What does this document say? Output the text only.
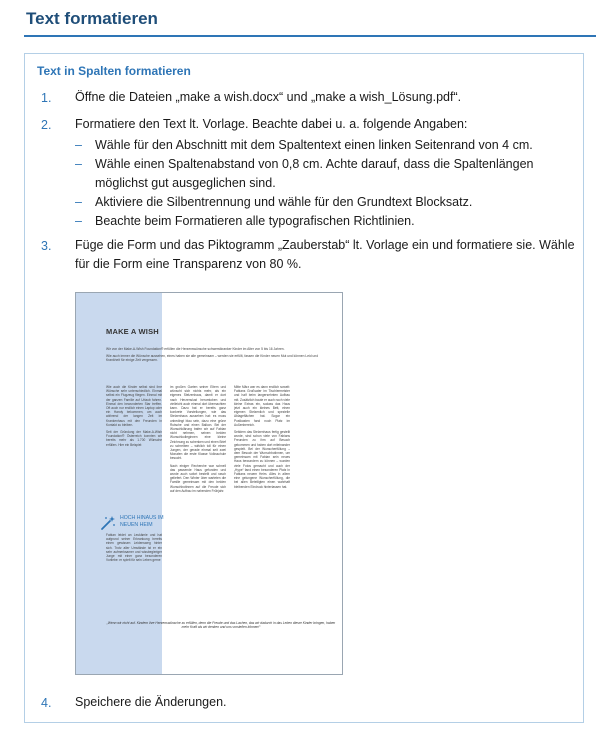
Text formatieren
Text in Spalten formatieren
1. Öffne die Dateien „make a wish.docx“ und „make a wish_Lösung.pdf“.
2. Formatiere den Text lt. Vorlage. Beachte dabei u. a. folgende Angaben:
– Wähle für den Abschnitt mit dem Spaltentext einen linken Seitenrand von 4 cm.
– Wähle einen Spaltenabstand von 0,8 cm. Achte darauf, dass die Spaltenlängen möglichst gut ausgeglichen sind.
– Aktiviere die Silbentrennung und wähle für den Grundtext Blocksatz.
– Beachte beim Formatieren alle typografischen Richtlinien.
3. Füge die Form und das Piktogramm „Zauberstab“ lt. Vorlage ein und formatiere sie. Wähle für die Form eine Transparenz von 80 %.
MAKE A WISH
Wir von der Make-A-Wish Foundation® erfüllen die Herzenswünsche schwerstkranker Kinder im Alter von 5 bis 16 Jahren.
Wie auch immer die Wünsche aussehen, eines haben sie alle gemeinsam – werden sie erfüllt, fassen die Kinder neuen Mut und können Leid und Krankheit für einige Zeit vergessen.

Wie auch die Kinder selbst sind ihre Wünsche sehr unterschiedlich. Einmal selbst ein Flugzeug fliegen. Einmal mit der ganzen Familie auf Urlaub fahren. Einmal den bewunderten Star treffen. Oft auch nur endlich einen Laptop oder ein Handy bekommen, um auch während der langen Zeit im Krankenhaus mit den Freunden in Kontakt zu bleiben.

Seit der Gründung der Make-A-Wish Foundation® Österreich konnten wir bereits mehr als 1.700 Wünsche erfüllen. Hier ein Beispiel:

HOCH HINAUS IM NEUEN HEIM

Fabian leidet an Leukämie und hat aufgrund seiner Erkrankung bereits einen gewissen Leidensweg hinter sich. Trotz aller Umstände ist er ein sehr aufmerksamer und wissbegieriger Junge mit einer ganz besonderen Vorliebe: er spielt für sein Leben gerne

im großen Garten seiner Eltern und wünscht sich nichts mehr, als ein eigenes Stelzenhaus, damit er dort nach Herzenslust herumtoben und vielleicht auch einmal dort übernachten kann. Dazu hat er bereits ganz konkrete Vorstellungen, wie das Stelzenhaus aussehen hat: es muss unbedingt blau sein, dazu eine grüne Rutsche und einen Balkon. Bei der Wunschklärung trafen wir auf Fabian nicht nehmen, seinen beiden Wunschkolleginnen eine kleine Zeichnung zu schenken und einen Brief zu schreiben – wirklich toll für einen Jungen, der gerade einmal seit zwei Monaten die erste Klasse Volksschule besucht.

Nach einiger Recherche war schnell das passende Haus gefunden und wurde auch sofort bestellt und rasch geliefert. Den Winter über warteten die Familie gemeinsam mit den beiden Wunschbotinnen auf die Freude sich auf den Aufbau im nahenden Frühjahr.

Mitte März war es dann endlich soweit: Fabians Großvater im Tischlermeister und half beim langersehnten Aufbau mit. Zusätzlich baute er auch noch viele kleine Extras ein, sodass das Haus jetzt auch ein kleines Bett, einen eigenen Stelzenlich und spezielle Ablageflächen hat. Sogar ein Postkasten fand noch Platz im Außenbereich.

Seitdem das Stelzenhaus fertig gestellt wurde, sind schon viele von Fabians Freunden zu ihm auf Besuch gekommen und haben dort miteinander gespielt. Bei der Wunscherfüllung – dem Besuch der Wunschbotinnen, um gemeinsam mit Fabian sein neues Haus bewundern zu können – wurden viele Fotos gemacht und auch der „Hype“ fand einen besonderen Platz in Fabians neuem Heim. Alles in allem eine gelungene Wunscherfüllung, die bei allen Beteiligten einen wahrhaft bleibenden Eindruck hinterlassen hat.

„Wenn wir nicht auf. Kindern ihre Herzenswünsche zu erfüllen, denn die Freude und das Lachen, das wir dadurch in das Leben dieser Kinder bringen, haben mehr Kraft als wir denken und uns vorstellen können!“
4. Speichere die Änderungen.
